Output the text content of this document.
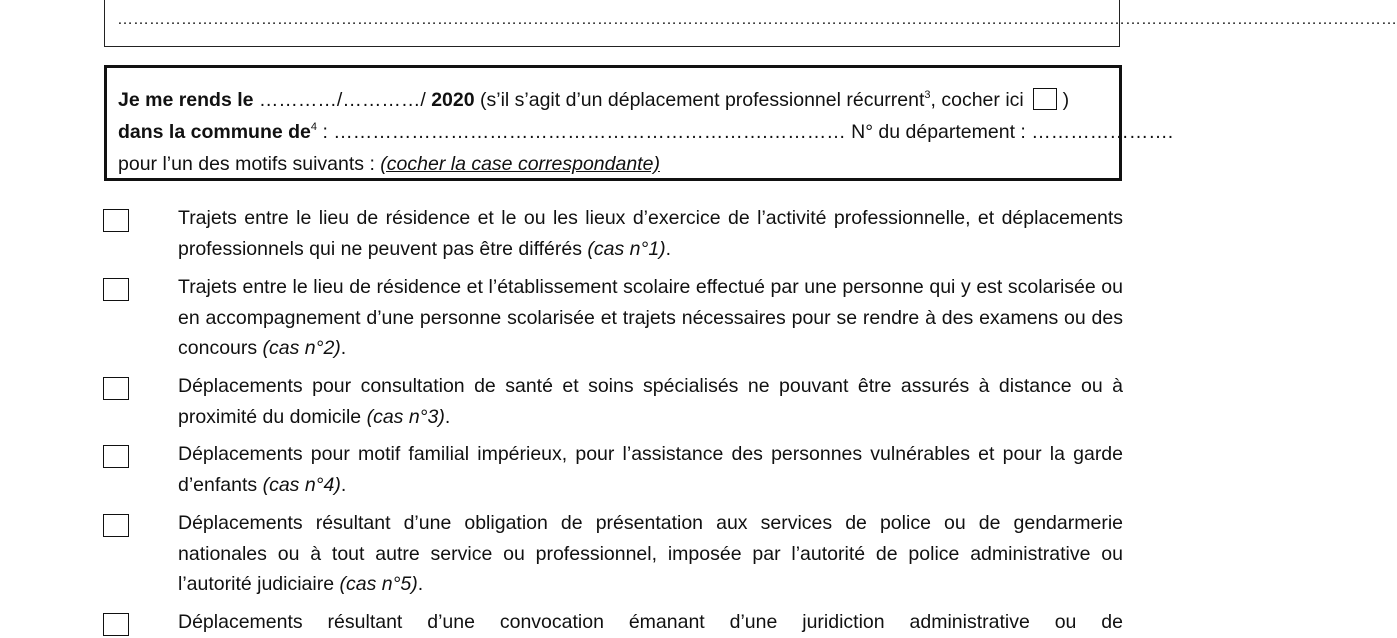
……………………………………………………………………………………………………………………………………………………………………………………………………………………
Je me rends le …………/…………/ 2020 (s’il s’agit d’un déplacement professionnel récurrent$^3$, cocher ici )
dans la commune $de^4$ : ………………………………………………………….………… N° du département : ………………….
pour l’un des motifs suivants : (cocher la case correspondante)
Trajets entre le lieu de résidence et le ou les lieux d’exercice de l’activité professionnelle, et déplacements professionnels qui ne peuvent pas être différés (cas n°1).
Trajets entre le lieu de résidence et l’établissement scolaire effectué par une personne qui y est scolarisée ou en accompagnement d’une personne scolarisée et trajets nécessaires pour se rendre à des examens ou des concours (cas n°2).
Déplacements pour consultation de santé et soins spécialisés ne pouvant être assurés à distance ou à proximité du domicile (cas n°3).
Déplacements pour motif familial impérieux, pour l’assistance des personnes vulnérables et pour la garde d’enfants (cas n°4).
Déplacements résultant d’une obligation de présentation aux services de police ou de gendarmerie nationales ou à tout autre service ou professionnel, imposée par l’autorité de police administrative ou l’autorité judiciaire (cas n°5).
Déplacements résultant d’une convocation émanant d’une juridiction administrative ou de
